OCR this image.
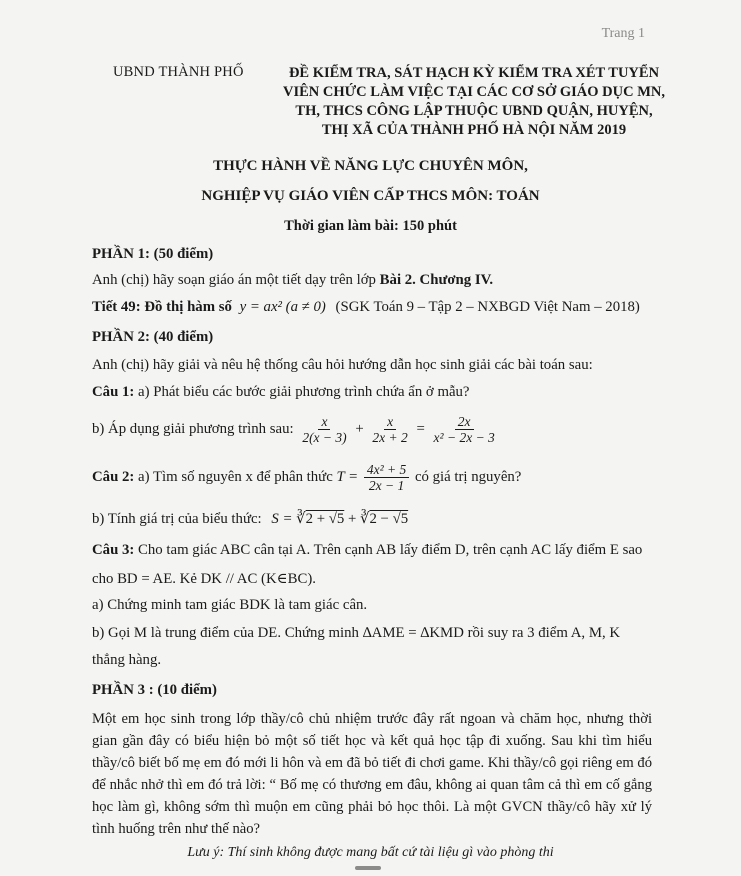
Trang 1
UBND THÀNH PHỐ	ĐỀ KIỂM TRA, SÁT HẠCH KỲ KIỂM TRA XÉT TUYỂN
VIÊN CHỨC LÀM VIỆC TẠI CÁC CƠ SỞ GIÁO DỤC MN,
TH, THCS CÔNG LẬP THUỘC UBND QUẬN, HUYỆN,
THỊ XÃ CỦA THÀNH PHỐ HÀ NỘI NĂM 2019
THỰC HÀNH VỀ NĂNG LỰC CHUYÊN MÔN,
NGHIỆP VỤ GIÁO VIÊN CẤP THCS MÔN: TOÁN
Thời gian làm bài: 150 phút
PHẦN 1: (50 điểm)
Anh (chị) hãy soạn giáo án một tiết dạy trên lớp Bài 2. Chương IV.
Tiết 49: Đồ thị hàm số y = ax² (a ≠ 0) (SGK Toán 9 – Tập 2 – NXBGD Việt Nam – 2018)
PHẦN 2: (40 điểm)
Anh (chị) hãy giải và nêu hệ thống câu hỏi hướng dẫn học sinh giải các bài toán sau:
Câu 1: a) Phát biểu các bước giải phương trình chứa ẩn ở mẫu?
b) Áp dụng giải phương trình sau: $\frac{x}{2(x - 3)} + \frac{x}{2x + 2} = \frac{2x}{\text{x² − 2x − 3}}$
Câu 2: a) Tìm số nguyên x để phân thức $T = \frac{\text{4x² + 5}}{2x - 1}$ có giá trị nguyên?
b) Tính giá trị của biểu thức: S = ∛2 + √5 + ∛2 − √5
Câu 3: Cho tam giác ABC cân tại A. Trên cạnh AB lấy điểm D, trên cạnh AC lấy điểm E sao
cho BD = AE. Kẻ DK // AC (K∈BC).
a) Chứng minh tam giác BDK là tam giác cân.
b) Gọi M là trung điểm của DE. Chứng minh ∆AME = ∆KMD rồi suy ra 3 điểm A, M, K
thẳng hàng.
PHẦN 3 : (10 điểm)
Một em học sinh trong lớp thầy/cô chủ nhiệm trước đây rất ngoan và chăm học, nhưng thời gian gần đây có biểu hiện bỏ một số tiết học và kết quả học tập đi xuống. Sau khi tìm hiểu thầy/cô biết bố mẹ em đó mới li hôn và em đã bỏ tiết đi chơi game. Khi thầy/cô gọi riêng em đó để nhắc nhở thì em đó trả lời: “ Bố mẹ có thương em đâu, không ai quan tâm cả thì em cố gắng học làm gì, không sớm thì muộn em cũng phải bỏ học thôi. Là một GVCN thầy/cô hãy xử lý tình huống trên như thế nào?
Lưu ý: Thí sinh không được mang bất cứ tài liệu gì vào phòng thi
